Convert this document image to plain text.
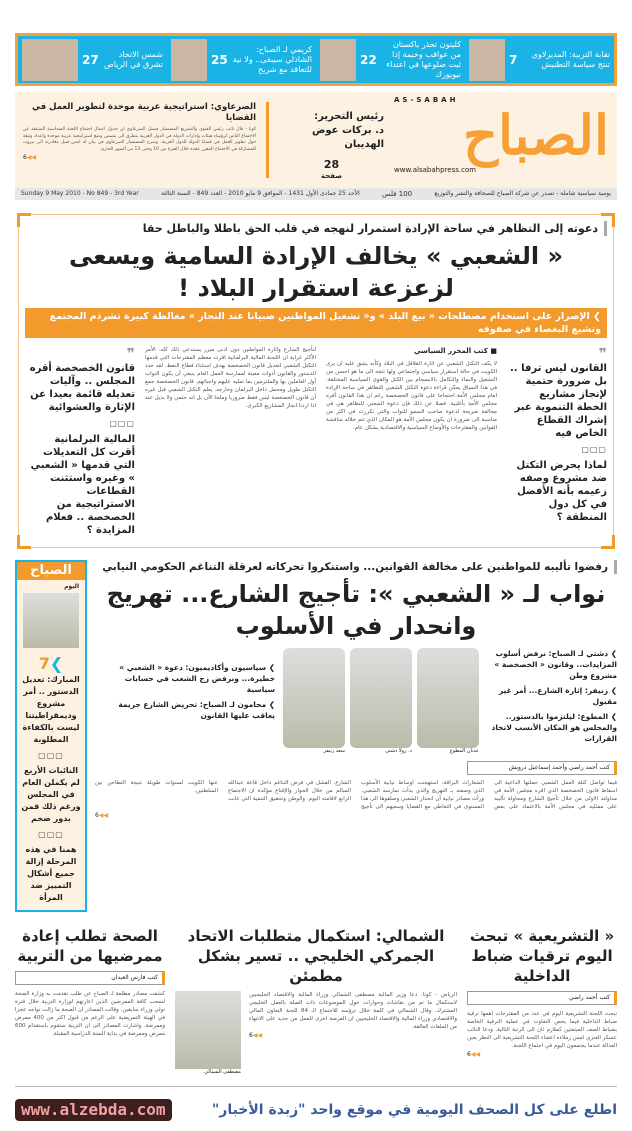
نقابة التربية: المديرلاوي تنتج سياسة التطنيش
7
كليتون تحذر باكستان من عواقب وخيمة إذا ثبت ضلوعها في اعتداء نيويورك
22
كريمي لـ الصباح: الشاذلي سيبقى.. ولا نية للتعاقد مع شريح
25
شمس الاتحاد تشرق في الرياض
27
AS-SABAH
الصباح
www.alsabahpress.com
رئيس التحرير:
د. بركات عوض الهديبان
28
صفحة
الصرعاوي: استراتيجية عربية موحدة لتطوير العمل في القضايا
كونا - قال نائب رئيس الفتوى والتشريع المستشار فيصل الصرعاوي ان جدول اعمال اجتماع اللجنة السداسية المنبثقة عن الاجتماع الثامن لرؤساء هيئات وادارات الدولة في الدول العربية يتطرق الى يتضمن وضع استراتيجية عربية موحدة واعداد وثيقة حول تطوير العمل في قضايا الدولة للدول العربية. وصرح المستشار الصرعاوي في بيان له امس قبيل مغادرته الى بيروت للمشاركة في الاجتماع المقرر عقده خلال الفترة من 10 وحتى 13 من الشهر الجاري.
6◀◀
يومية سياسية شاملة - تصدر عن شركة الصباح للصحافة والنشر والتوزيع
100 فلس
الأحد 25 جمادى الأول 1431 - الموافق 9 مايو 2010 - العدد 849 - السنة الثالثة
Sunday 9 May 2010 - No 849 - 3rd Year
دعوته إلى التظاهر في ساحة الإرادة استمرار لنهجه في قلب الحق باطلا والباطل حقا
« الشعبي » يخالف الإرادة السامية ويسعى لزعزعة استقرار البلاد !
❯ الإصرار على استخدام مصطلحات « بيع البلد » و« تشغيل المواطنين صبيانا عند التجار » مغالطة كبيرة تشرذم المجتمع وتشيع البغضاء في صفوفه
❞
القانون ليس ترفا .. بل ضرورة حتمية لإنجاز مشاريع الخطة التنموية عبر إشراك القطاع الخاص فيه
▢▢▢
لماذا يحرض التكتل ضد مشروع وصفه زعيمه بأنه الأفضل في كل دول المنطقة ؟
■ كتب المحرر السياسي
لا يكف التكتل الشعبي عن اثارة القلاقل في البلاد وكأنه يشق عليه ان يرى الكويت في حالة استقرار سياسي واجتماعي ولها تتجه الى ما هو احسن من التشغيل والنماء والتكامل بالانسجام بين الكتل والقوى السياسية المختلفة. في هذا السياق يمكن قراءة دعوة التكتل الشعبي للتظاهر في ساحة الإرادة امام مجلس الأمة احتجاجا على قانون الخصخصة رغم ان هذا القانون أقره مجلس الأمة بأغلبية. فضلا عن ذلك فإن دعوة الشعبي للتظاهر هي في مخالفة صريحة لدعوة صاحب السمو للنواب والتي تكررت في اكثر من مناسبة الى ضرورة ان يكون مجلس الأمة هو المكان الذي تتم خلاله مناقشة القوانين والمقترحات والأوضاع السياسية والاقتصادية بشكل عام.
لتأجيج الشارع واثارة المواطنين دون ادنى مبرر يستدعي ذلك كله. الأمر الأكثر غرابة ان اللجنة المالية البرلمانية اقرت معظم المقترحات التي قدمها التكتل الشعبي لتعديل قانون الخصخصة بهدف استثناء قطاع النفط. لقد حدد الدستور والقانون أدوات معينة لممارسة العمل العام ينبغي أن يكون النواب أول العاملين بها والملتزمين بما تمليه عليهم واجباتهم. قانون الخصخصة جمع التكتل طويل ومحمل داخل البرلمان وخارجه. يعلم التكتل الشعبي قبل غيره أن قانون الخصخصة ليس فقط ضروريا وملحا الآن بل انه حتمي ولا بديل عنه اذا اردنا انجاز المشاريع الكبرى.
❞
قانون الخصخصة أقره المجلس .. وآليات تعديله قائمة بعيدا عن الإثارة والعشوائية
▢▢▢
المالية البرلمانية أقرت كل التعديلات التي قدمها « الشعبي » وغيره واستثنت القطاعات الاستراتيجية من الخصخصة .. فعلام المزايدة ؟
رفضوا تأليبه للمواطنين على مخالفة القوانين... واستنكروا تحركاته لعرقلة التناغم الحكومي النيابي
نواب لـ « الشعبي »: تأجيج الشارع... تهريج وانحدار في الأسلوب
❯ دشتي لـ الصباح: نرفض أسلوب المزايدات.. وقانون « الخصخصة » مشروع وطن
❯ زنيفر: إثارة الشارع... أمر غير مقبول
❯ المطوع: ليلتزموا بالدستور.. والمجلس هو المكان الأنسب لاتخاذ القرارات
عدنان المطوع
د. رولا دشتي
سعد زنيفر
❯ سياسيون وأكاديميون: دعوة « الشعبي » خطيرة... ونرفض زج الشعب في حسابات سياسية
❯ محامون لـ الصباح: تحريض الشارع جريمة يعاقب عليها القانون
كتب أحمد راضي وأحمد إسماعيل درويش
فيما تواصل كتلة العمل الشعبي حملتها الداعية الى اسقاط قانون الخصخصة الذي اقره مجلس الأمة في مداولته الاولى من خلال تأجيج الشارع ومحاولة تأليبه على ممثليه في مجلس الأمة بالاعتماد على بعض الشعارات البراقة، استهجنت اوساط نيابية الأسلوب الذي وصفته بـ التهريج والذي بدأت تمارسه الشعبي. ورأت مصادر نيابية أن انحدار الشعبي وصلفوها الى هذا المستوى في التعاطي مع القضايا وسعيهم الى تأجيج الشارع. الفشل في فرض التناغم داخل قاعة عبدالله السالم من خلال الحوار والإقناع مؤكدة ان الاجتماع الرابع لاقامته اليوم. والوطن وتحقيق التنمية التي غابت عنها الكويت لسنوات طويلة نتيجة التطاحن بين السلطتين.
6◀◀
الصباح
اليوم
7❮
المبارك: تعديل الدستور .. أمر مشروع وديمقراطيتنا ليست بالكفاءة المطلوبة
▢▢▢
النائبات الأربع لم يكملن العام في المجلس ورغم ذلك قمن بدور ضخم
▢▢▢
همنا في هذه المرحلة إزالة جميع أشكال التمييز ضد المرأة
« التشريعية » تبحث اليوم ترقيات ضباط الداخلية
كتب أحمد راضي
تبحث اللجنة التشريعية اليوم في عدد من المقترحات اهمها ترقية ضباط الداخلية فيما يخص التفاوت في عملية الترقية الخاصة بضباط الصف المبتعثين كملازم ثان الى الرتبة التالية. ودعا النائب عسكر العنزي امس زملاءه اعضاء اللجنة التشريعية الى النظر بعين العدالة عندما يجتمعون اليوم في اجتماع اللجنة.
6◀◀
الشمالي: استكمال متطلبات الاتحاد الجمركي الخليجي .. تسير بشكل مطمئن
الرياض - كونا: دعا وزير المالية مصطفى الشمالي وزراء المالية والاقتصاد الخليجيين لاستكمال ما تم من نقاشات وحوارات حول الموضوعات ذات الصلة بالعمل الخليجي المشترك. وقال الشمالي في كلمة خلال ترؤسه للاجتماع الـ 84 للجنة التعاون المالي والاقتصادي وزراء المالية والاقتصاد الخليجيين ان الفرصة اخرى للعمل من جديد على الانتهاء من الملفات العالقة.
6◀◀
مصطفى الشمالي
الصحة تطلب إعادة ممرضيها من التربية
كتب فارس العبدان
كشفت مصادر مطلعة لـ الصباح عن طلب تقدمت به وزارة الصحة لسحب كافة الممرضين الذين اعارتهم لوزارة التربية خلال فترة تولي وزراء سابقين. وقالت المصادر ان الصحة ما زالت تواجه عجزا في الهيئة التمريضية على الرغم من قبول اكثر من 400 ممرض وممرضة. واشارت المصادر الى ان التربية ستقوم باستقدام 600 ممرض وممرضة في بداية السنة الدراسية المقبلة.
اطلع على كل الصحف اليومية في موقع واحد "زبدة الأخبار"
www.alzebda.com
